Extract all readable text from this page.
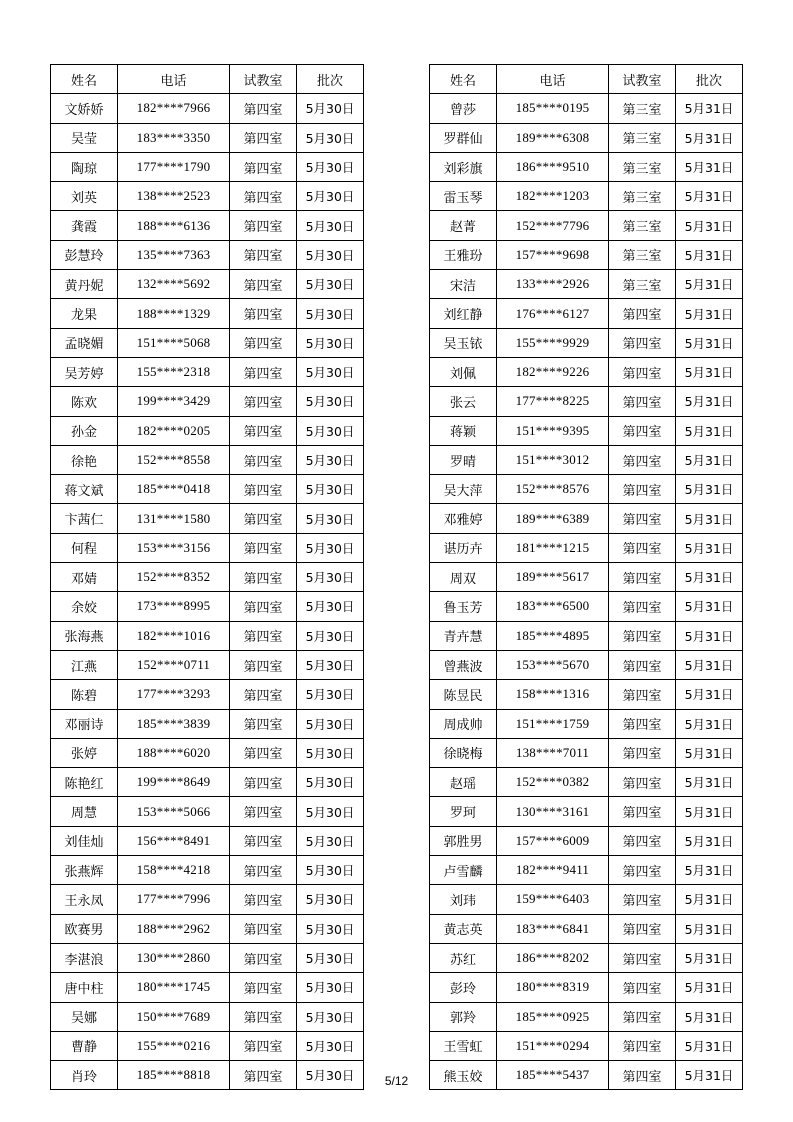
姓名	电话	试教室	批次
文娇娇	182****7966	第四室	5月30日
吴莹	183****3350	第四室	5月30日
陶琼	177****1790	第四室	5月30日
刘英	138****2523	第四室	5月30日
龚霞	188****6136	第四室	5月30日
彭慧玲	135****7363	第四室	5月30日
黄丹妮	132****5692	第四室	5月30日
龙果	188****1329	第四室	5月30日
孟晓媚	151****5068	第四室	5月30日
吴芳婷	155****2318	第四室	5月30日
陈欢	199****3429	第四室	5月30日
孙金	182****0205	第四室	5月30日
徐艳	152****8558	第四室	5月30日
蒋文斌	185****0418	第四室	5月30日
卞茜仁	131****1580	第四室	5月30日
何程	153****3156	第四室	5月30日
邓婧	152****8352	第四室	5月30日
余姣	173****8995	第四室	5月30日
张海燕	182****1016	第四室	5月30日
江燕	152****0711	第四室	5月30日
陈碧	177****3293	第四室	5月30日
邓丽诗	185****3839	第四室	5月30日
张婷	188****6020	第四室	5月30日
陈艳红	199****8649	第四室	5月30日
周慧	153****5066	第四室	5月30日
刘佳灿	156****8491	第四室	5月30日
张燕辉	158****4218	第四室	5月30日
王永凤	177****7996	第四室	5月30日
欧赛男	188****2962	第四室	5月30日
李湛浪	130****2860	第四室	5月30日
唐中柱	180****1745	第四室	5月30日
吴娜	150****7689	第四室	5月30日
曹静	155****0216	第四室	5月30日
肖玲	185****8818	第四室	5月30日
姓名	电话	试教室	批次
曾莎	185****0195	第三室	5月31日
罗群仙	189****6308	第三室	5月31日
刘彩旗	186****9510	第三室	5月31日
雷玉琴	182****1203	第三室	5月31日
赵菁	152****7796	第三室	5月31日
王雅玢	157****9698	第三室	5月31日
宋洁	133****2926	第三室	5月31日
刘红静	176****6127	第四室	5月31日
吴玉铱	155****9929	第四室	5月31日
刘佩	182****9226	第四室	5月31日
张云	177****8225	第四室	5月31日
蒋颖	151****9395	第四室	5月31日
罗晴	151****3012	第四室	5月31日
吴大萍	152****8576	第四室	5月31日
邓雅婷	189****6389	第四室	5月31日
谌历卉	181****1215	第四室	5月31日
周双	189****5617	第四室	5月31日
鲁玉芳	183****6500	第四室	5月31日
青卉慧	185****4895	第四室	5月31日
曾燕波	153****5670	第四室	5月31日
陈昱民	158****1316	第四室	5月31日
周成帅	151****1759	第四室	5月31日
徐晓梅	138****7011	第四室	5月31日
赵瑶	152****0382	第四室	5月31日
罗珂	130****3161	第四室	5月31日
郭胜男	157****6009	第四室	5月31日
卢雪麟	182****9411	第四室	5月31日
刘玮	159****6403	第四室	5月31日
黄志英	183****6841	第四室	5月31日
苏红	186****8202	第四室	5月31日
彭玲	180****8319	第四室	5月31日
郭羚	185****0925	第四室	5月31日
王雪虹	151****0294	第四室	5月31日
熊玉姣	185****5437	第四室	5月31日
5/12
